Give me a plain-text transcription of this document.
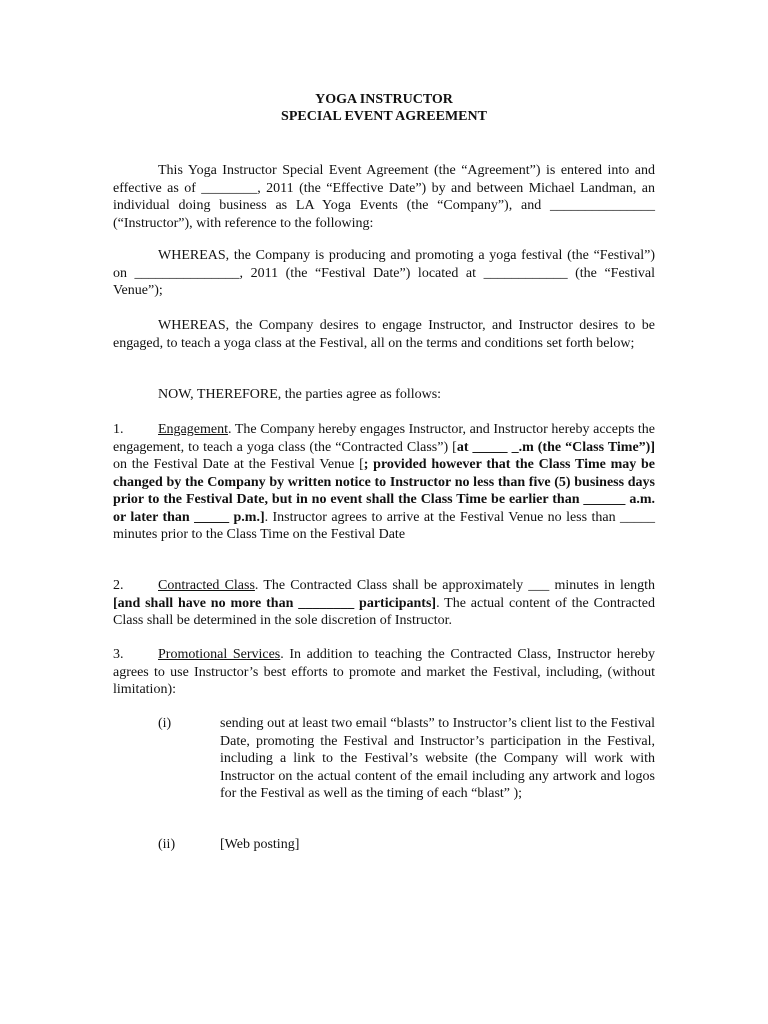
YOGA INSTRUCTOR
SPECIAL EVENT AGREEMENT

This Yoga Instructor Special Event Agreement (the “Agreement”) is entered into and effective as of ________, 2011 (the “Effective Date”) by and between Michael Landman, an individual doing business as LA Yoga Events (the “Company”), and _______________ (“Instructor”), with reference to the following:

WHEREAS, the Company is producing and promoting a yoga festival (the “Festival”) on _______________, 2011 (the “Festival Date”) located at ____________ (the “Festival Venue”);

WHEREAS, the Company desires to engage Instructor, and Instructor desires to be engaged, to teach a yoga class at the Festival, all on the terms and conditions set forth below;

NOW, THEREFORE, the parties agree as follows:

1. Engagement. The Company hereby engages Instructor, and Instructor hereby accepts the engagement, to teach a yoga class (the “Contracted Class”) [at _____ _.m (the “Class Time”)] on the Festival Date at the Festival Venue [; provided however that the Class Time may be changed by the Company by written notice to Instructor no less than five (5) business days prior to the Festival Date, but in no event shall the Class Time be earlier than ______ a.m. or later than _____ p.m.]. Instructor agrees to arrive at the Festival Venue no less than _____ minutes prior to the Class Time on the Festival Date

2. Contracted Class. The Contracted Class shall be approximately ___ minutes in length [and shall have no more than ________ participants]. The actual content of the Contracted Class shall be determined in the sole discretion of Instructor.

3. Promotional Services. In addition to teaching the Contracted Class, Instructor hereby agrees to use Instructor’s best efforts to promote and market the Festival, including, (without limitation):

(i)	sending out at least two email “blasts” to Instructor’s client list to the Festival Date, promoting the Festival and Instructor’s participation in the Festival, including a link to the Festival’s website (the Company will work with Instructor on the actual content of the email including any artwork and logos for the Festival as well as the timing of each “blast” );
(ii)	[Web posting]
